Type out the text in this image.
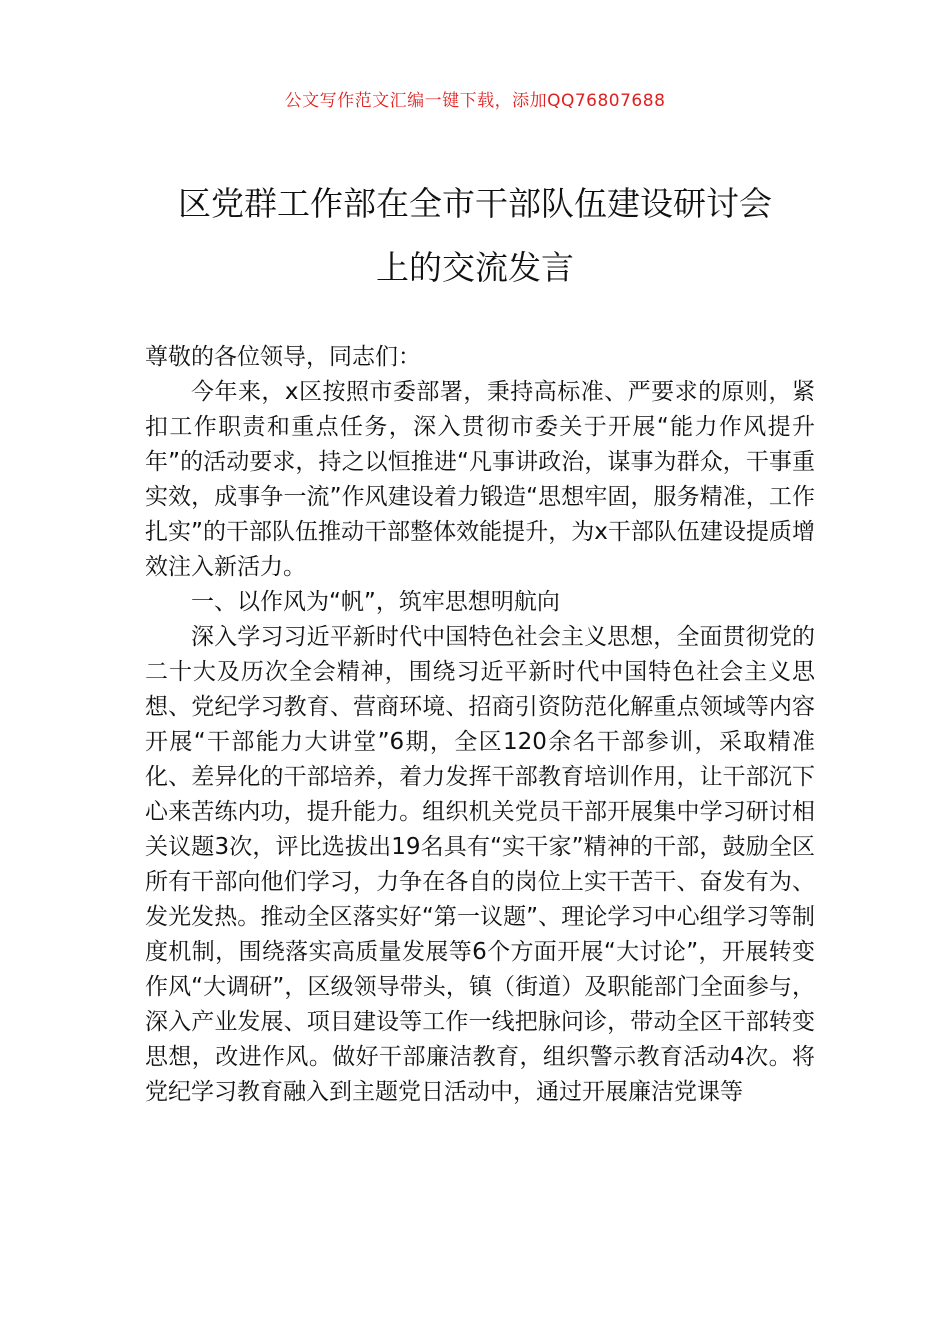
公文写作范文汇编一键下载，添加QQ76807688
区党群工作部在全市干部队伍建设研讨会
上的交流发言

尊敬的各位领导，同志们：

今年来，x区按照市委部署，秉持高标准、严要求的原则，紧扣工作职责和重点任务，深入贯彻市委关于开展“能力作风提升年”的活动要求，持之以恒推进“凡事讲政治，谋事为群众，干事重实效，成事争一流”作风建设着力锻造“思想牢固，服务精准，工作扎实”的干部队伍推动干部整体效能提升，为x干部队伍建设提质增效注入新活力。

一、以作风为“帆”，筑牢思想明航向

深入学习习近平新时代中国特色社会主义思想，全面贯彻党的二十大及历次全会精神，围绕习近平新时代中国特色社会主义思想、党纪学习教育、营商环境、招商引资防范化解重点领域等内容开展“干部能力大讲堂”6期，全区120余名干部参训，采取精准化、差异化的干部培养，着力发挥干部教育培训作用，让干部沉下心来苦练内功，提升能力。组织机关党员干部开展集中学习研讨相关议题3次，评比选拔出19名具有“实干家”精神的干部，鼓励全区所有干部向他们学习，力争在各自的岗位上实干苦干、奋发有为、发光发热。推动全区落实好“第一议题”、理论学习中心组学习等制度机制，围绕落实高质量发展等6个方面开展“大讨论”，开展转变作风“大调研”，区级领导带头，镇（街道）及职能部门全面参与，深入产业发展、项目建设等工作一线把脉问诊，带动全区干部转变思想，改进作风。做好干部廉洁教育，组织警示教育活动4次。将党纪学习教育融入到主题党日活动中，通过开展廉洁党课等
